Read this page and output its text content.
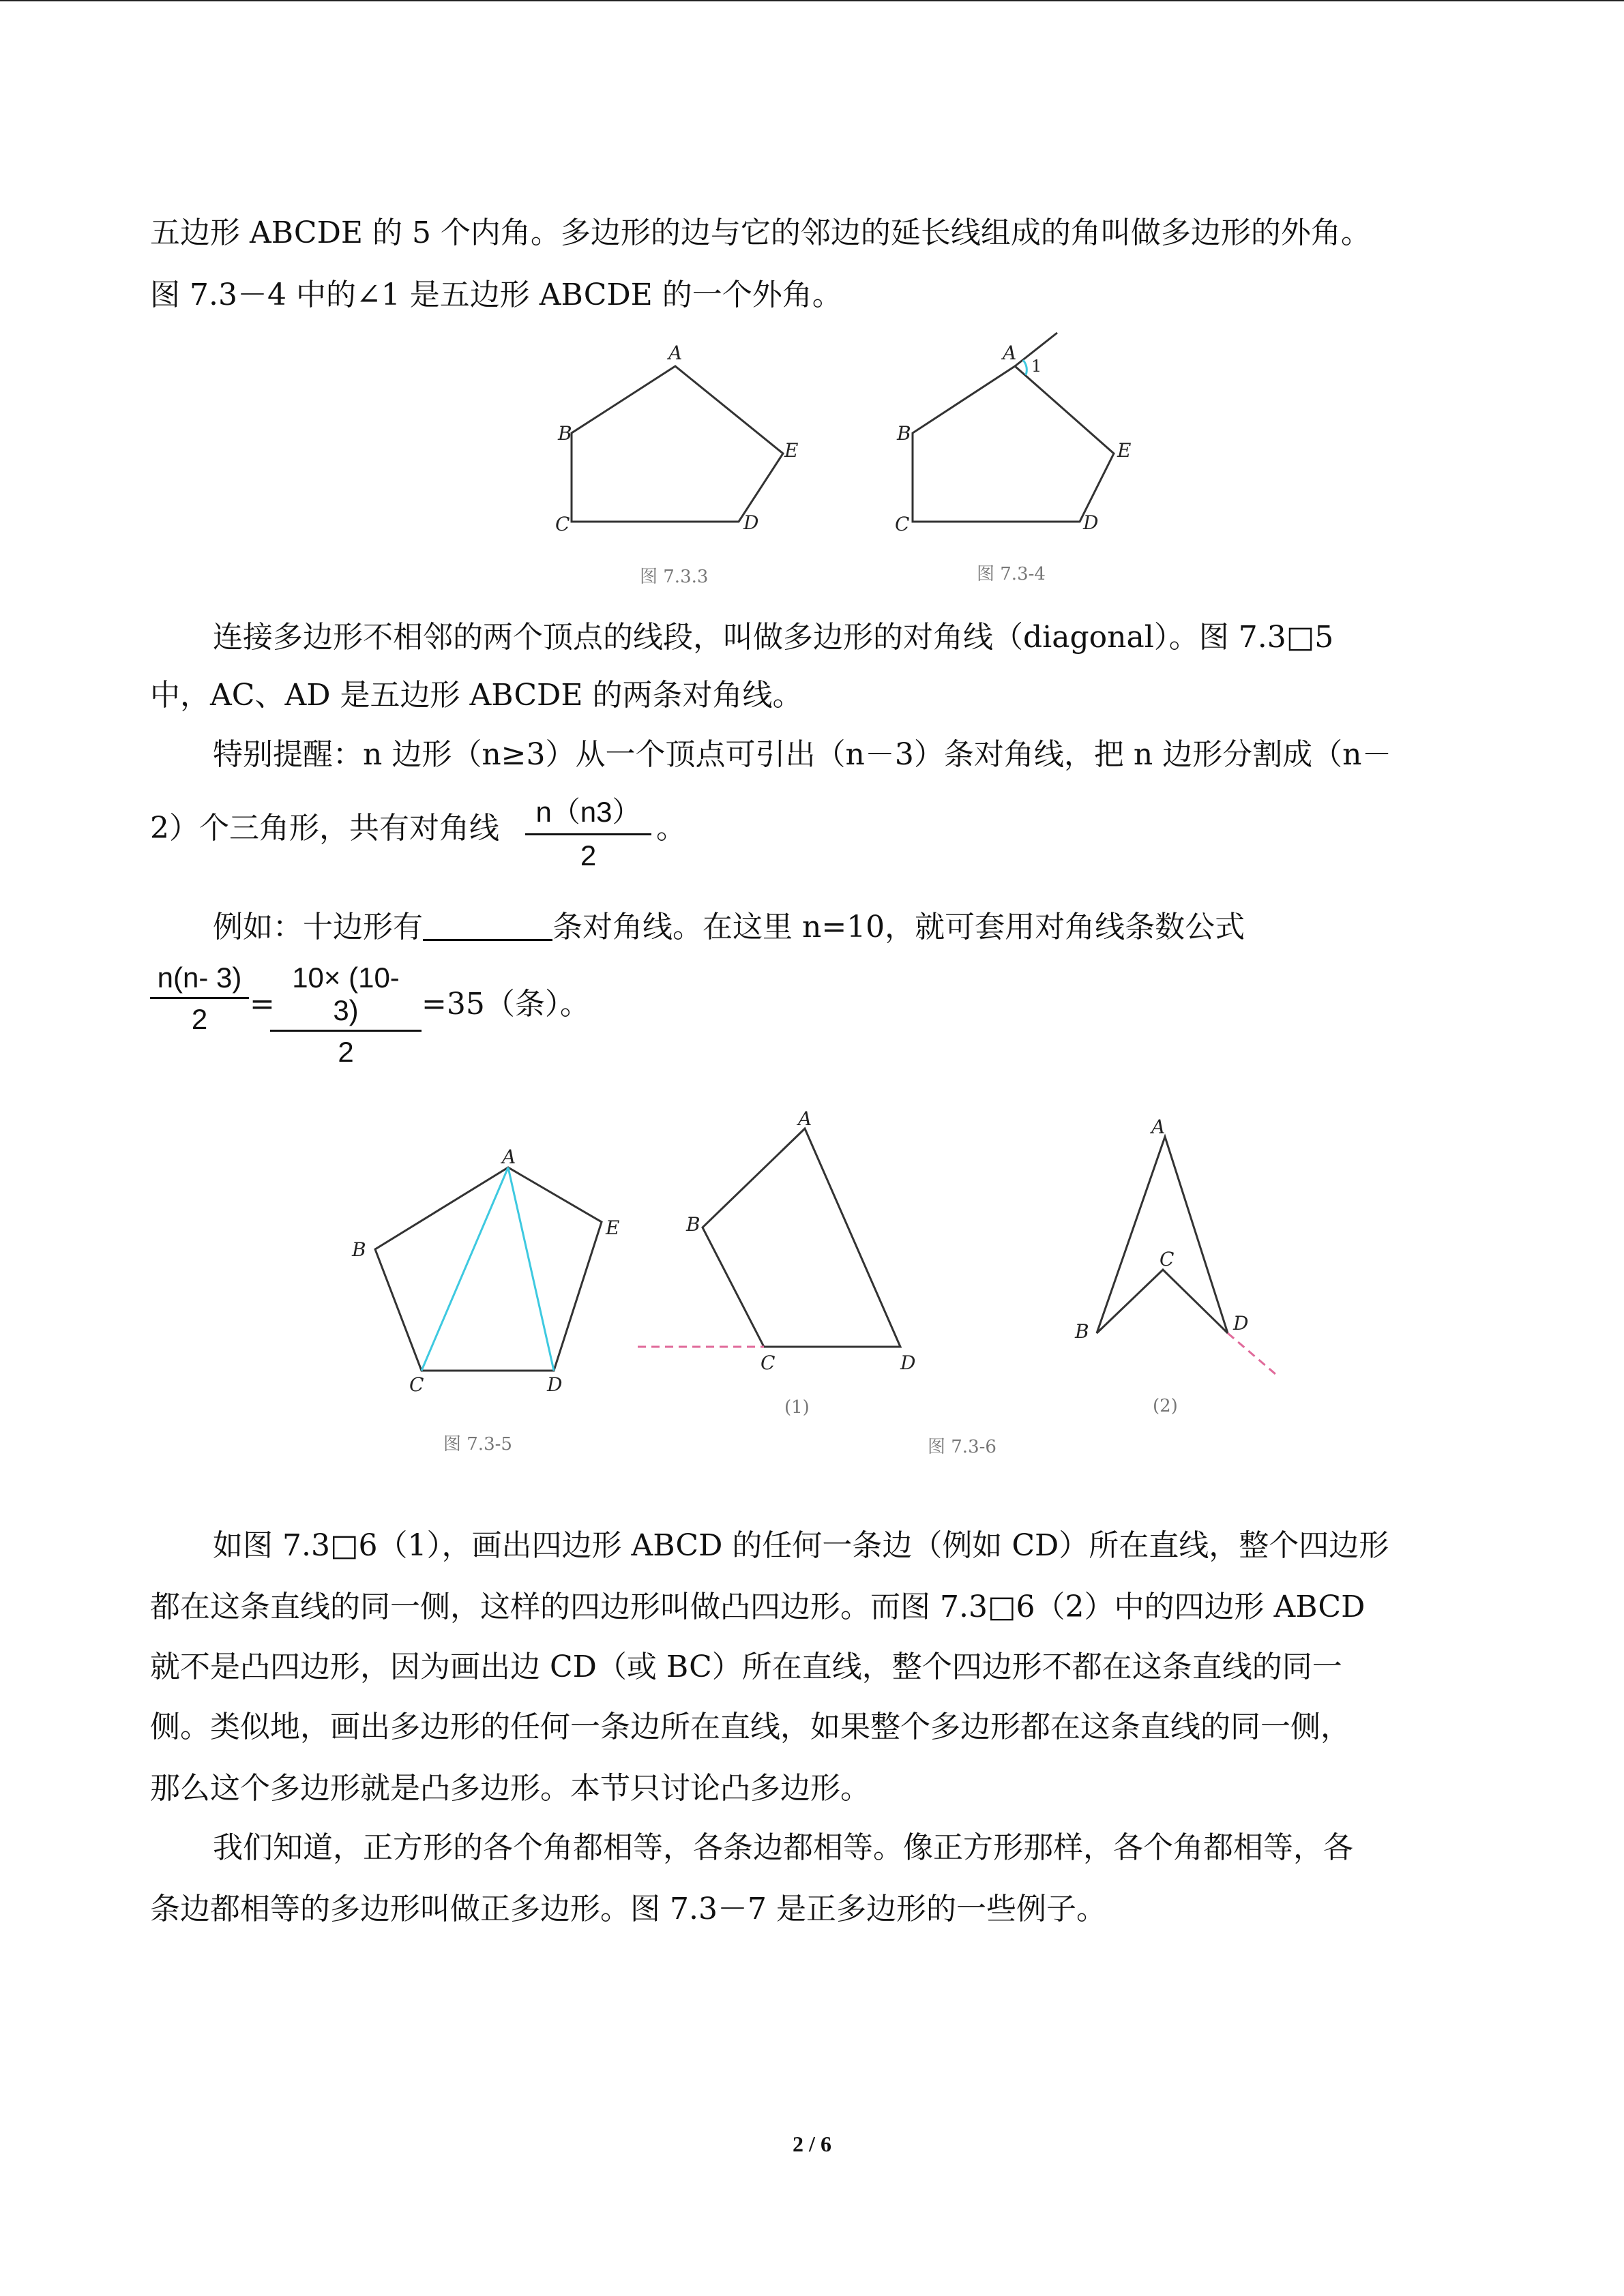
五边形 ABCDE 的 5 个内角。多边形的边与它的邻边的延长线组成的角叫做多边形的外角。
图 7.3－4 中的∠1 是五边形 ABCDE 的一个外角。
A
B
C	D
E
图 7.3.3
1
A
B
C	D
E
图 7.3-4
A
B
C	D
E
图 7.3-5
A
B
C	D
(1)
A
B
C
D
(2)
图 7.3-6
连接多边形不相邻的两个顶点的线段，叫做多边形的对角线（diagonal）。图 7.3□5
中，AC、AD 是五边形 ABCDE 的两条对角线。
特别提醒：n 边形（n≥3）从一个顶点可引出（n－3）条对角线，把 n 边形分割成（n－
2）个三角形，共有对角线 $\frac{n(n3)}{2}$ 。
例如：十边形有	条对角线。在这里 n=10，就可套用对角线条数公式
$\frac{n(n- 3)}{2}$ =
$\frac{10\times (10- 3)}{2} =35$（条）。
如图 7.3□6（1），画出四边形 ABCD 的任何一条边（例如 CD）所在直线，整个四边形
都在这条直线的同一侧，这样的四边形叫做凸四边形。而图 7.3□6（2）中的四边形 ABCD
就不是凸四边形，因为画出边 CD（或 BC）所在直线，整个四边形不都在这条直线的同一
侧。类似地，画出多边形的任何一条边所在直线，如果整个多边形都在这条直线的同一侧，
那么这个多边形就是凸多边形。本节只讨论凸多边形。
我们知道，正方形的各个角都相等，各条边都相等。像正方形那样，各个角都相等，各
条边都相等的多边形叫做正多边形。图 7.3－7 是正多边形的一些例子。
2 / 6
